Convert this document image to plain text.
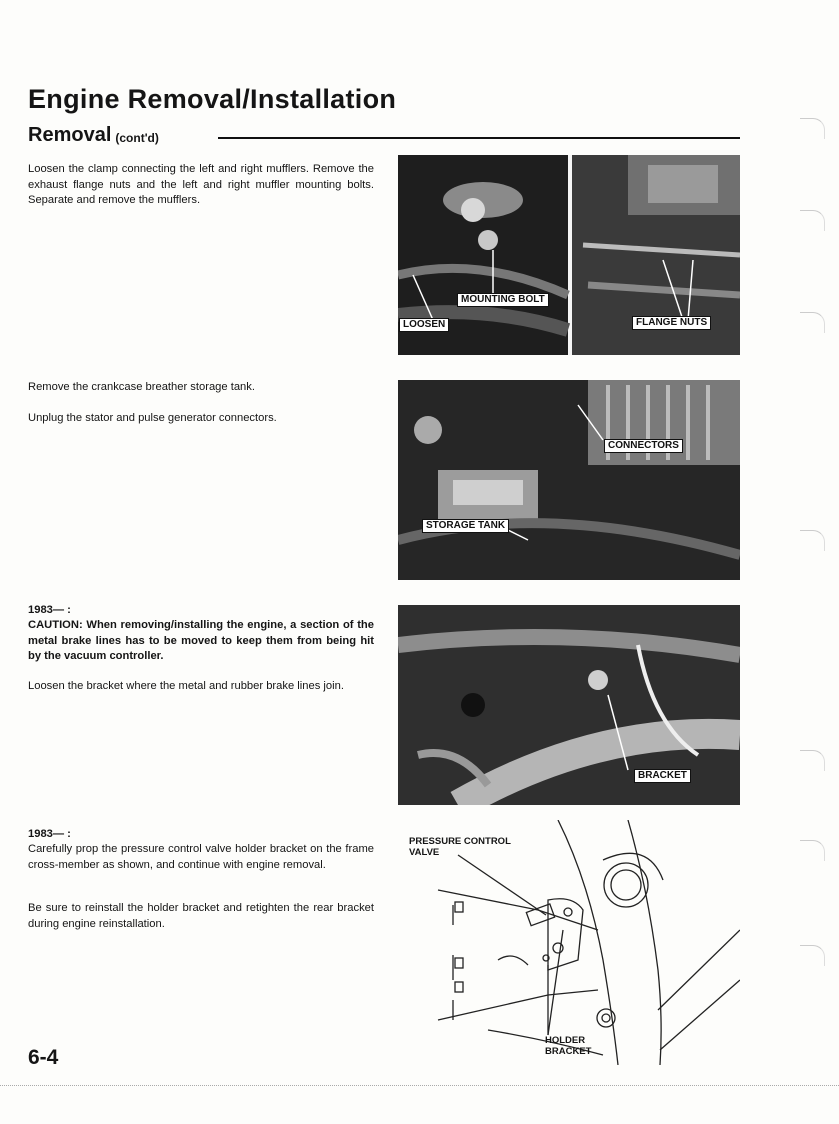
Engine Removal/Installation
Removal (cont'd)

Loosen the clamp connecting the left and right mufflers. Remove the exhaust flange nuts and the left and right muffler mounting bolts. Separate and remove the mufflers.

MOUNTING BOLT
LOOSEN	FLANGE NUTS

Remove the crankcase breather storage tank.

Unplug the stator and pulse generator connectors.

CONNECTORS
STORAGE TANK

1983— :

CAUTION: When removing/installing the engine, a section of the metal brake lines has to be moved to keep them from being hit by the vacuum controller.

Loosen the bracket where the metal and rubber brake lines join.

BRACKET

1983— :

Carefully prop the pressure control valve holder bracket on the frame cross-member as shown, and continue with engine removal.

Be sure to reinstall the holder bracket and retighten the rear bracket during engine reinstallation.

PRESSURE CONTROL
VALVE
HOLDER
BRACKET
6-4
